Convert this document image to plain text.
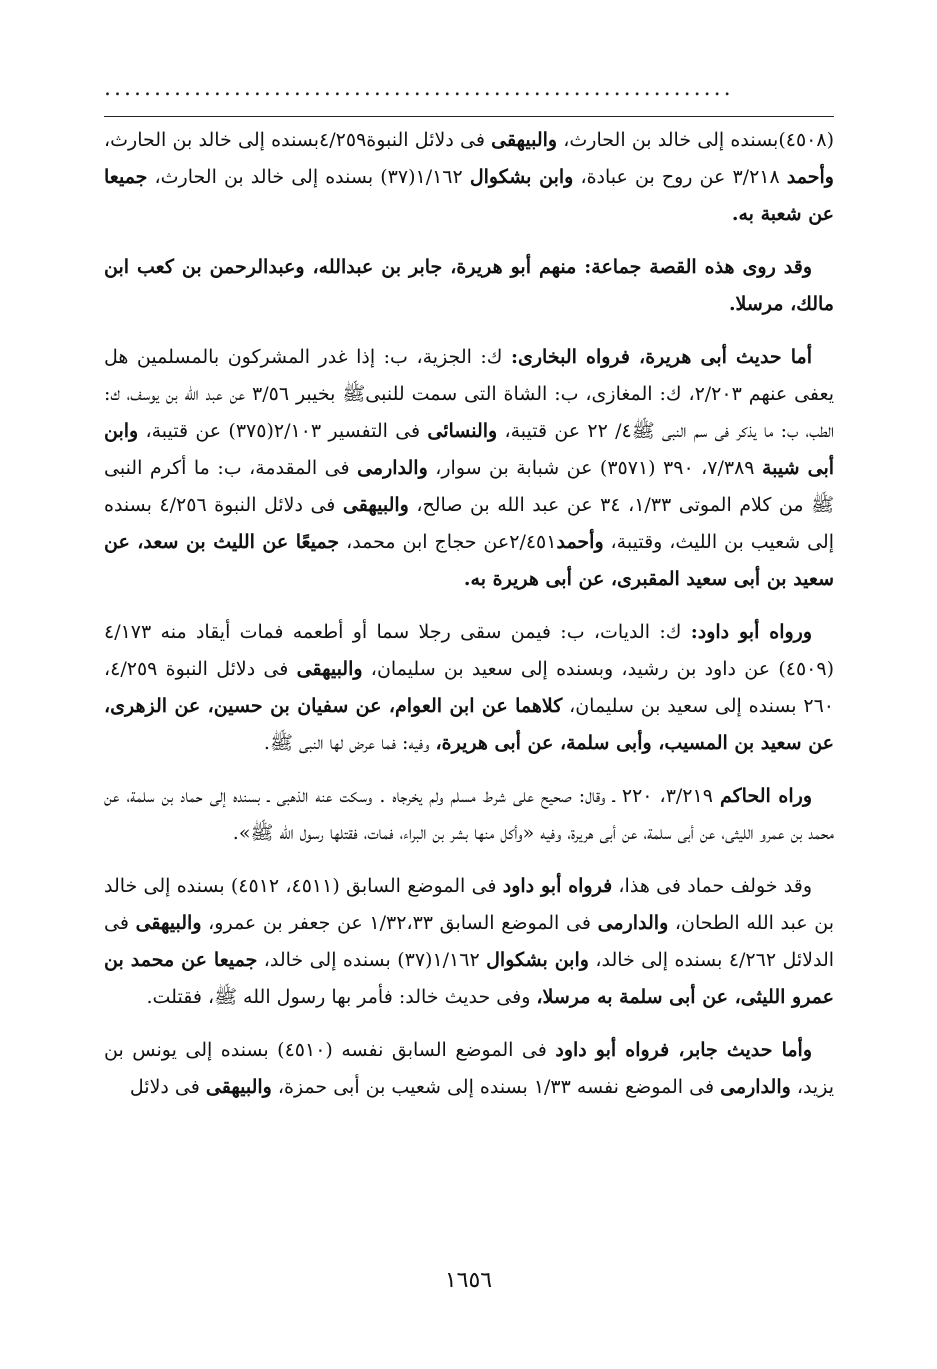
...............................................................

(٤٥٠٨)بسنده إلى خالد بن الحارث، والبيهقى فى دلائل النبوة٤/٢٥٩بسنده إلى خالد بن الحارث، وأحمد ٣/٢١٨ عن روح بن عبادة، وابن بشكوال ١/١٦٢(٣٧) بسنده إلى خالد بن الحارث، جميعا عن شعبة به.

وقد روى هذه القصة جماعة: منهم أبو هريرة، جابر بن عبدالله، وعبدالرحمن بن كعب ابن مالك، مرسلا.

أما حديث أبى هريرة، فرواه البخارى: ك: الجزية، ب: إذا غدر المشركون بالمسلمين هل يعفى عنهم ٢/٢٠٣، ك: المغازى، ب: الشاة التى سمت للنبىﷺ بخيبر ٣/٥٦ عن عبد الله بن يوسف، ك: الطب، ب: ما يذكر فى سم النبى ﷺ٤/ ٢٢ عن قتيبة، والنسائى فى التفسير ٢/١٠٣(٣٧٥) عن قتيبة، وابن أبى شيبة ٧/٣٨٩، ٣٩٠ (٣٥٧١) عن شبابة بن سوار، والدارمى فى المقدمة، ب: ما أكرم النبى ﷺ من كلام الموتى ١/٣٣، ٣٤ عن عبد الله بن صالح، والبيهقى فى دلائل النبوة ٤/٢٥٦ بسنده إلى شعيب بن الليث، وقتيبة، وأحمد٢/٤٥١عن حجاج ابن محمد، جميعًا عن الليث بن سعد، عن سعيد بن أبى سعيد المقبرى، عن أبى هريرة به.

ورواه أبو داود: ك: الديات، ب: فيمن سقى رجلا سما أو أطعمه فمات أيقاد منه ٤/١٧٣ (٤٥٠٩) عن داود بن رشيد، وبسنده إلى سعيد بن سليمان، والبيهقى فى دلائل النبوة ٤/٢٥٩، ٢٦٠ بسنده إلى سعيد بن سليمان، كلاهما عن ابن العوام، عن سفيان بن حسين، عن الزهرى، عن سعيد بن المسيب، وأبى سلمة، عن أبى هريرة، وفيه: فما عرض لها النبى ﷺ.

وراه الحاكم ٣/٢١٩، ٢٢٠ ـ وقال: صحيح على شرط مسلم ولم يخرجاه . وسكت عنه الذهبى ـ بسنده إلى حماد بن سلمة، عن محمد بن عمرو الليثى، عن أبى سلمة، عن أبى هريرة، وفيه «وأكل منها بشر بن البراء، فمات، فقتلها رسول الله ﷺ».

وقد خولف حماد فى هذا، فرواه أبو داود فى الموضع السابق (٤٥١١، ٤٥١٢) بسنده إلى خالد بن عبد الله الطحان، والدارمى فى الموضع السابق ١/٣٢،٣٣ عن جعفر بن عمرو، والبيهقى فى الدلائل ٤/٢٦٢ بسنده إلى خالد، وابن بشكوال ١/١٦٢(٣٧) بسنده إلى خالد، جميعا عن محمد بن عمرو الليثى، عن أبى سلمة به مرسلا، وفى حديث خالد: فأمر بها رسول الله ﷺ، فقتلت.

وأما حديث جابر، فرواه أبو داود فى الموضع السابق نفسه (٤٥١٠) بسنده إلى يونس بن يزيد، والدارمى فى الموضع نفسه ١/٣٣ بسنده إلى شعيب بن أبى حمزة، والبيهقى فى دلائل

١٦٥٦
